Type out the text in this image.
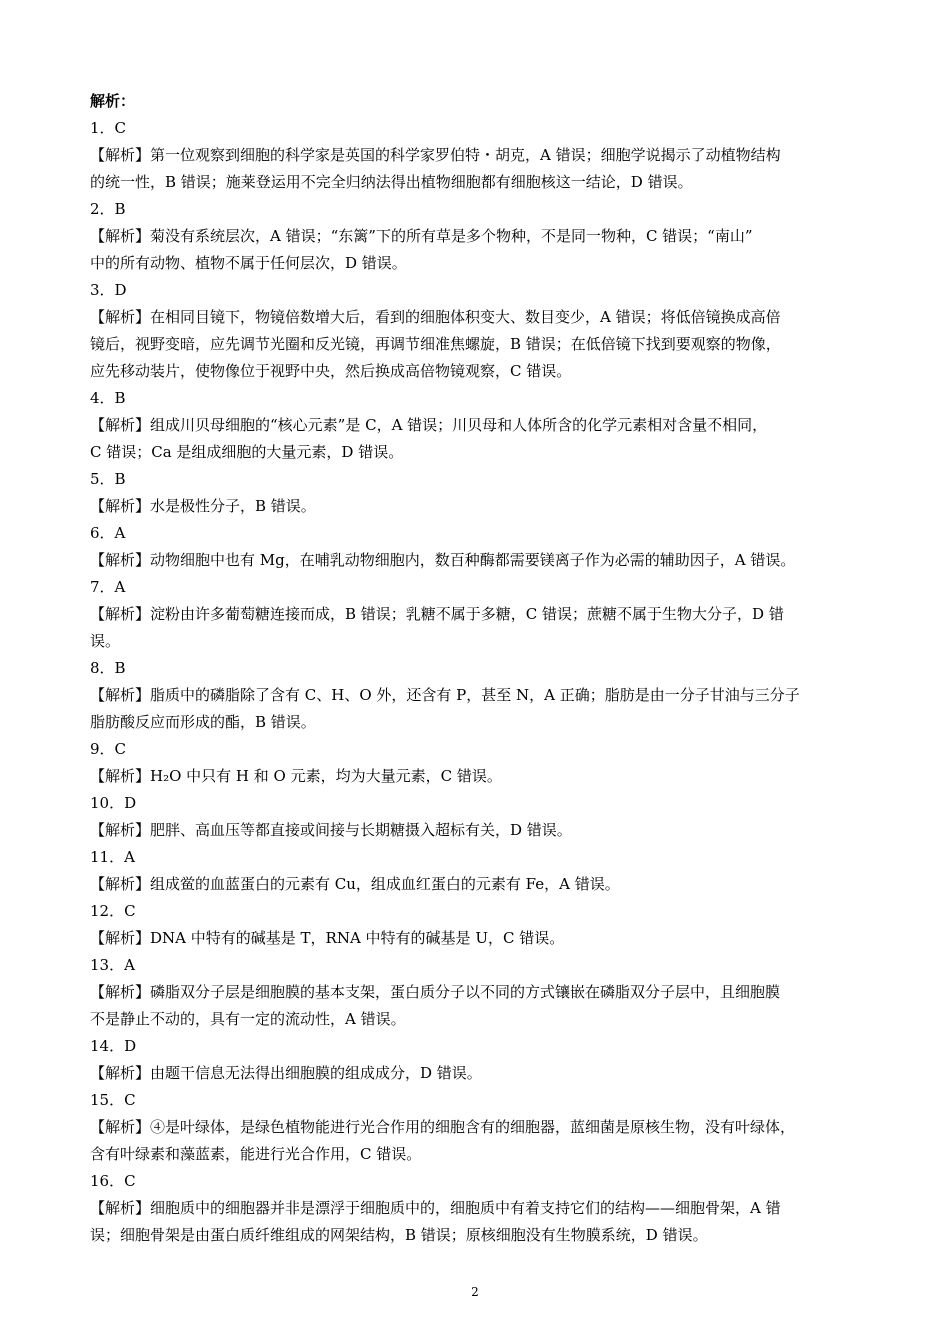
解析：
1．C
【解析】第一位观察到细胞的科学家是英国的科学家罗伯特・胡克，A 错误；细胞学说揭示了动植物结构
的统一性，B 错误；施莱登运用不完全归纳法得出植物细胞都有细胞核这一结论，D 错误。
2．B
【解析】菊没有系统层次，A 错误；“东篱”下的所有草是多个物种，不是同一物种，C 错误；“南山”
中的所有动物、植物不属于任何层次，D 错误。
3．D
【解析】在相同目镜下，物镜倍数增大后，看到的细胞体积变大、数目变少，A 错误；将低倍镜换成高倍
镜后，视野变暗，应先调节光圈和反光镜，再调节细准焦螺旋，B 错误；在低倍镜下找到要观察的物像，
应先移动装片，使物像位于视野中央，然后换成高倍物镜观察，C 错误。
4．B
【解析】组成川贝母细胞的“核心元素”是 C，A 错误；川贝母和人体所含的化学元素相对含量不相同，
C 错误；Ca 是组成细胞的大量元素，D 错误。
5．B
【解析】水是极性分子，B 错误。
6．A
【解析】动物细胞中也有 Mg，在哺乳动物细胞内，数百种酶都需要镁离子作为必需的辅助因子，A 错误。
7．A
【解析】淀粉由许多葡萄糖连接而成，B 错误；乳糖不属于多糖，C 错误；蔗糖不属于生物大分子，D 错
误。
8．B
【解析】脂质中的磷脂除了含有 C、H、O 外，还含有 P，甚至 N，A 正确；脂肪是由一分子甘油与三分子
脂肪酸反应而形成的酯，B 错误。
9．C
【解析】H₂O 中只有 H 和 O 元素，均为大量元素，C 错误。
10．D
【解析】肥胖、高血压等都直接或间接与长期糖摄入超标有关，D 错误。
11．A
【解析】组成鲎的血蓝蛋白的元素有 Cu，组成血红蛋白的元素有 Fe，A 错误。
12．C
【解析】DNA 中特有的碱基是 T，RNA 中特有的碱基是 U，C 错误。
13．A
【解析】磷脂双分子层是细胞膜的基本支架，蛋白质分子以不同的方式镶嵌在磷脂双分子层中，且细胞膜
不是静止不动的，具有一定的流动性，A 错误。
14．D
【解析】由题干信息无法得出细胞膜的组成成分，D 错误。
15．C
【解析】④是叶绿体，是绿色植物能进行光合作用的细胞含有的细胞器，蓝细菌是原核生物，没有叶绿体，
含有叶绿素和藻蓝素，能进行光合作用，C 错误。
16．C
【解析】细胞质中的细胞器并非是漂浮于细胞质中的，细胞质中有着支持它们的结构——细胞骨架，A 错
误；细胞骨架是由蛋白质纤维组成的网架结构，B 错误；原核细胞没有生物膜系统，D 错误。
2
